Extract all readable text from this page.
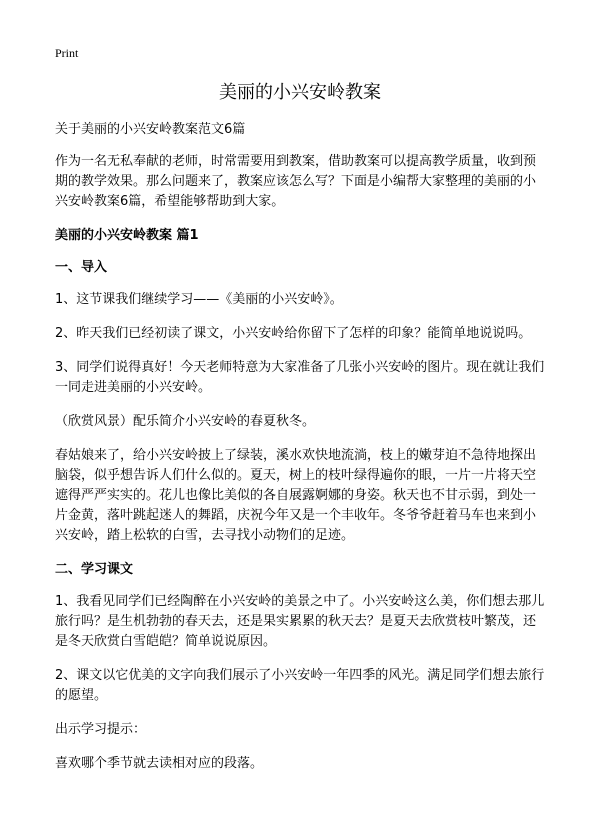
Print
美丽的小兴安岭教案

关于美丽的小兴安岭教案范文6篇

作为一名无私奉献的老师，时常需要用到教案，借助教案可以提高教学质量，收到预期的教学效果。那么问题来了，教案应该怎么写？下面是小编帮大家整理的美丽的小兴安岭教案6篇，希望能够帮助到大家。

美丽的小兴安岭教案 篇1
一、导入

1、这节课我们继续学习——《美丽的小兴安岭》。

2、昨天我们已经初读了课文，小兴安岭给你留下了怎样的印象？能简单地说说吗。

3、同学们说得真好！今天老师特意为大家准备了几张小兴安岭的图片。现在就让我们一同走进美丽的小兴安岭。

（欣赏风景）配乐简介小兴安岭的春夏秋冬。

春姑娘来了，给小兴安岭披上了绿装，溪水欢快地流淌，枝上的嫩芽迫不急待地探出脑袋，似乎想告诉人们什么似的。夏天，树上的枝叶绿得遍你的眼，一片一片将天空遮得严严实实的。花儿也像比美似的各自展露婀娜的身姿。秋天也不甘示弱，到处一片金黄，落叶跳起迷人的舞蹈，庆祝今年又是一个丰收年。冬爷爷赶着马车也来到小兴安岭，踏上松软的白雪，去寻找小动物们的足迹。

二、学习课文

1、我看见同学们已经陶醉在小兴安岭的美景之中了。小兴安岭这么美，你们想去那儿旅行吗？是生机勃勃的春天去，还是果实累累的秋天去？是夏天去欣赏枝叶繁茂，还是冬天欣赏白雪皑皑？简单说说原因。

2、课文以它优美的文字向我们展示了小兴安岭一年四季的风光。满足同学们想去旅行的愿望。

出示学习提示：

喜欢哪个季节就去读相对应的段落。
